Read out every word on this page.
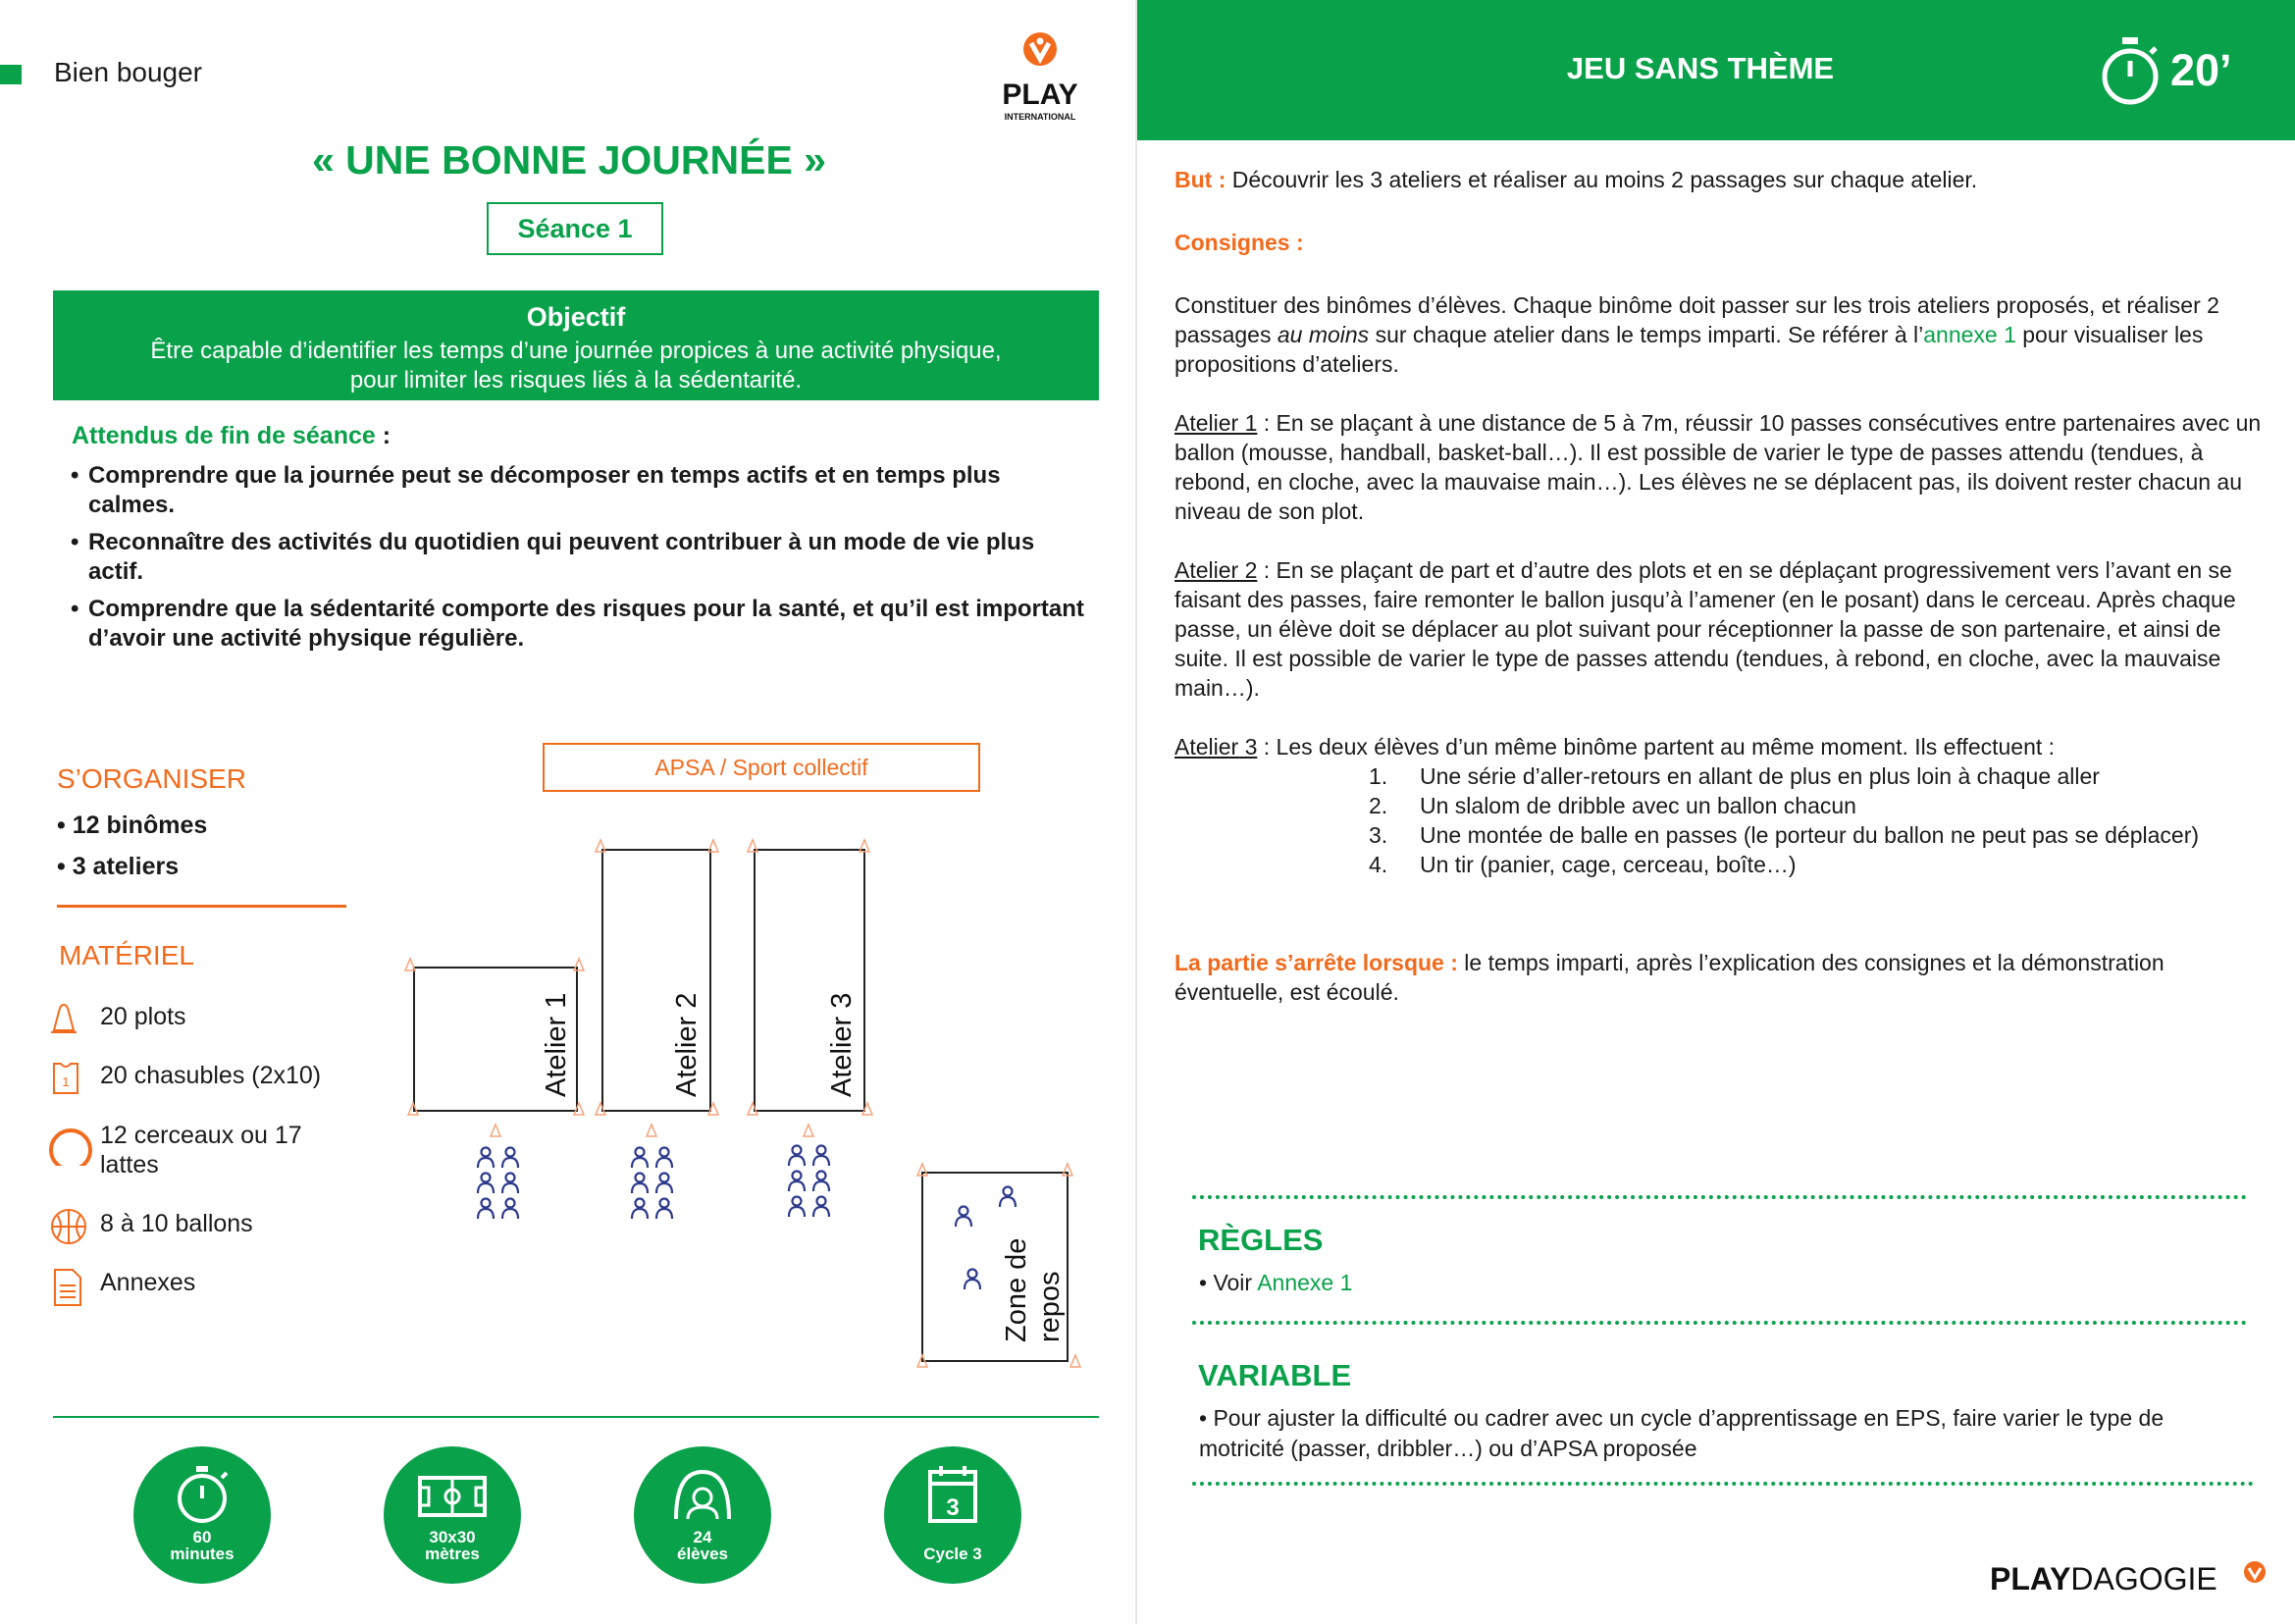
Bien bouger
PLAY
INTERNATIONAL
« UNE BONNE JOURNÉE »
Séance 1
Objectif
Être capable d’identifier les temps d’une journée propices à une activité physique, pour limiter les risques liés à la sédentarité.
Attendus de fin de séance :
• Comprendre que la journée peut se décomposer en temps actifs et en temps plus calmes.
• Reconnaître des activités du quotidien qui peuvent contribuer à un mode de vie plus actif.
• Comprendre que la sédentarité comporte des risques pour la santé, et qu’il est important d’avoir une activité physique régulière.
S’ORGANISER
• 12 binômes
• 3 ateliers
MATÉRIEL
20 plots
1 20 chasubles (2x10)
12 cerceaux ou 17 lattes
8 à 10 ballons
Annexes
APSA / Sport collectif
Atelier 1	Atelier 2	Atelier 3
Zone de repos
60
minutes
30x30
mètres
24
élèves
3

Cycle 3
JEU SANS THÈME	20’
But : Découvrir les 3 ateliers et réaliser au moins 2 passages sur chaque atelier.
Consignes :
Constituer des binômes d’élèves. Chaque binôme doit passer sur les trois ateliers proposés, et réaliser 2 passages au moins sur chaque atelier dans le temps imparti. Se référer à l’annexe 1 pour visualiser les propositions d’ateliers.
Atelier 1 : En se plaçant à une distance de 5 à 7m, réussir 10 passes consécutives entre partenaires avec un ballon (mousse, handball, basket-ball…). Il est possible de varier le type de passes attendu (tendues, à rebond, en cloche, avec la mauvaise main…). Les élèves ne se déplacent pas, ils doivent rester chacun au niveau de son plot.
Atelier 2 : En se plaçant de part et d’autre des plots et en se déplaçant progressivement vers l’avant en se faisant des passes, faire remonter le ballon jusqu’à l’amener (en le posant) dans le cerceau. Après chaque passe, un élève doit se déplacer au plot suivant pour réceptionner la passe de son partenaire, et ainsi de suite. Il est possible de varier le type de passes attendu (tendues, à rebond, en cloche, avec la mauvaise main…).
Atelier 3 : Les deux élèves d’un même binôme partent au même moment. Ils effectuent :
1. Une série d’aller-retours en allant de plus en plus loin à chaque aller
2. Un slalom de dribble avec un ballon chacun
3. Une montée de balle en passes (le porteur du ballon ne peut pas se déplacer)
4. Un tir (panier, cage, cerceau, boîte…)
La partie s’arrête lorsque : le temps imparti, après l’explication des consignes et la démonstration éventuelle, est écoulé.
RÈGLES
• Voir Annexe 1
VARIABLE
• Pour ajuster la difficulté ou cadrer avec un cycle d’apprentissage en EPS, faire varier le type de motricité (passer, dribbler…) ou d’APSA proposée
PLAYDAGOGIE
